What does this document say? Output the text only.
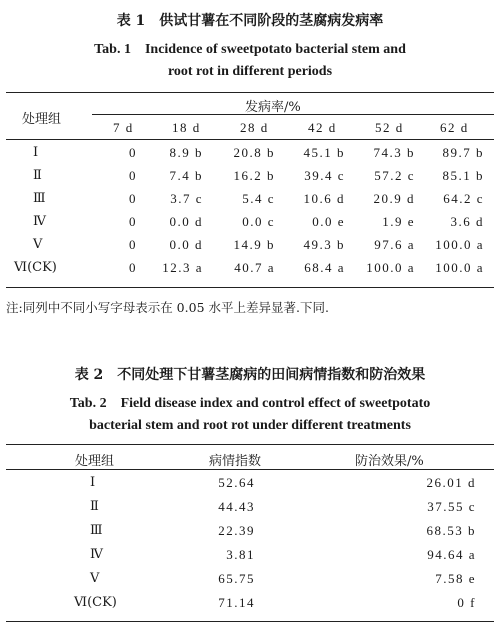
表 1　供试甘薯在不同阶段的茎腐病发病率
Tab. 1　Incidence of sweetpotato bacterial stem and
root rot in different periods
处理组
发病率/%
7 d	18 d	28 d	42 d	52 d	62 d
Ⅰ	0	8.9 b 20.8 b 45.1 b 74.3 b 89.7 b
Ⅱ	0	7.4 b 16.2 b 39.4 c 57.2 c 85.1 b
Ⅲ	0	3.7 c	5.4 c 10.6 d 20.9 d 64.2 c
Ⅳ	0	0.0 d	0.0 c	0.0 e	1.9 e	3.6 d
Ⅴ	0	0.0 d 14.9 b 49.3 b 97.6 a 100.0 a
Ⅵ(CK)	0 12.3 a 40.7 a 68.4 a 100.0 a 100.0 a
注:同列中不同小写字母表示在 0.05 水平上差异显著.下同.
表 2　不同处理下甘薯茎腐病的田间病情指数和防治效果
Tab. 2　Field disease index and control effect of sweetpotato
bacterial stem and root rot under different treatments
处理组	病情指数	防治效果/%
Ⅰ	52.64	26.01 d
Ⅱ	44.43	37.55 c
Ⅲ	22.39	68.53 b
Ⅳ	3.81	94.64 a
Ⅴ	65.75	7.58 e
Ⅵ(CK)	71.14	0 f
